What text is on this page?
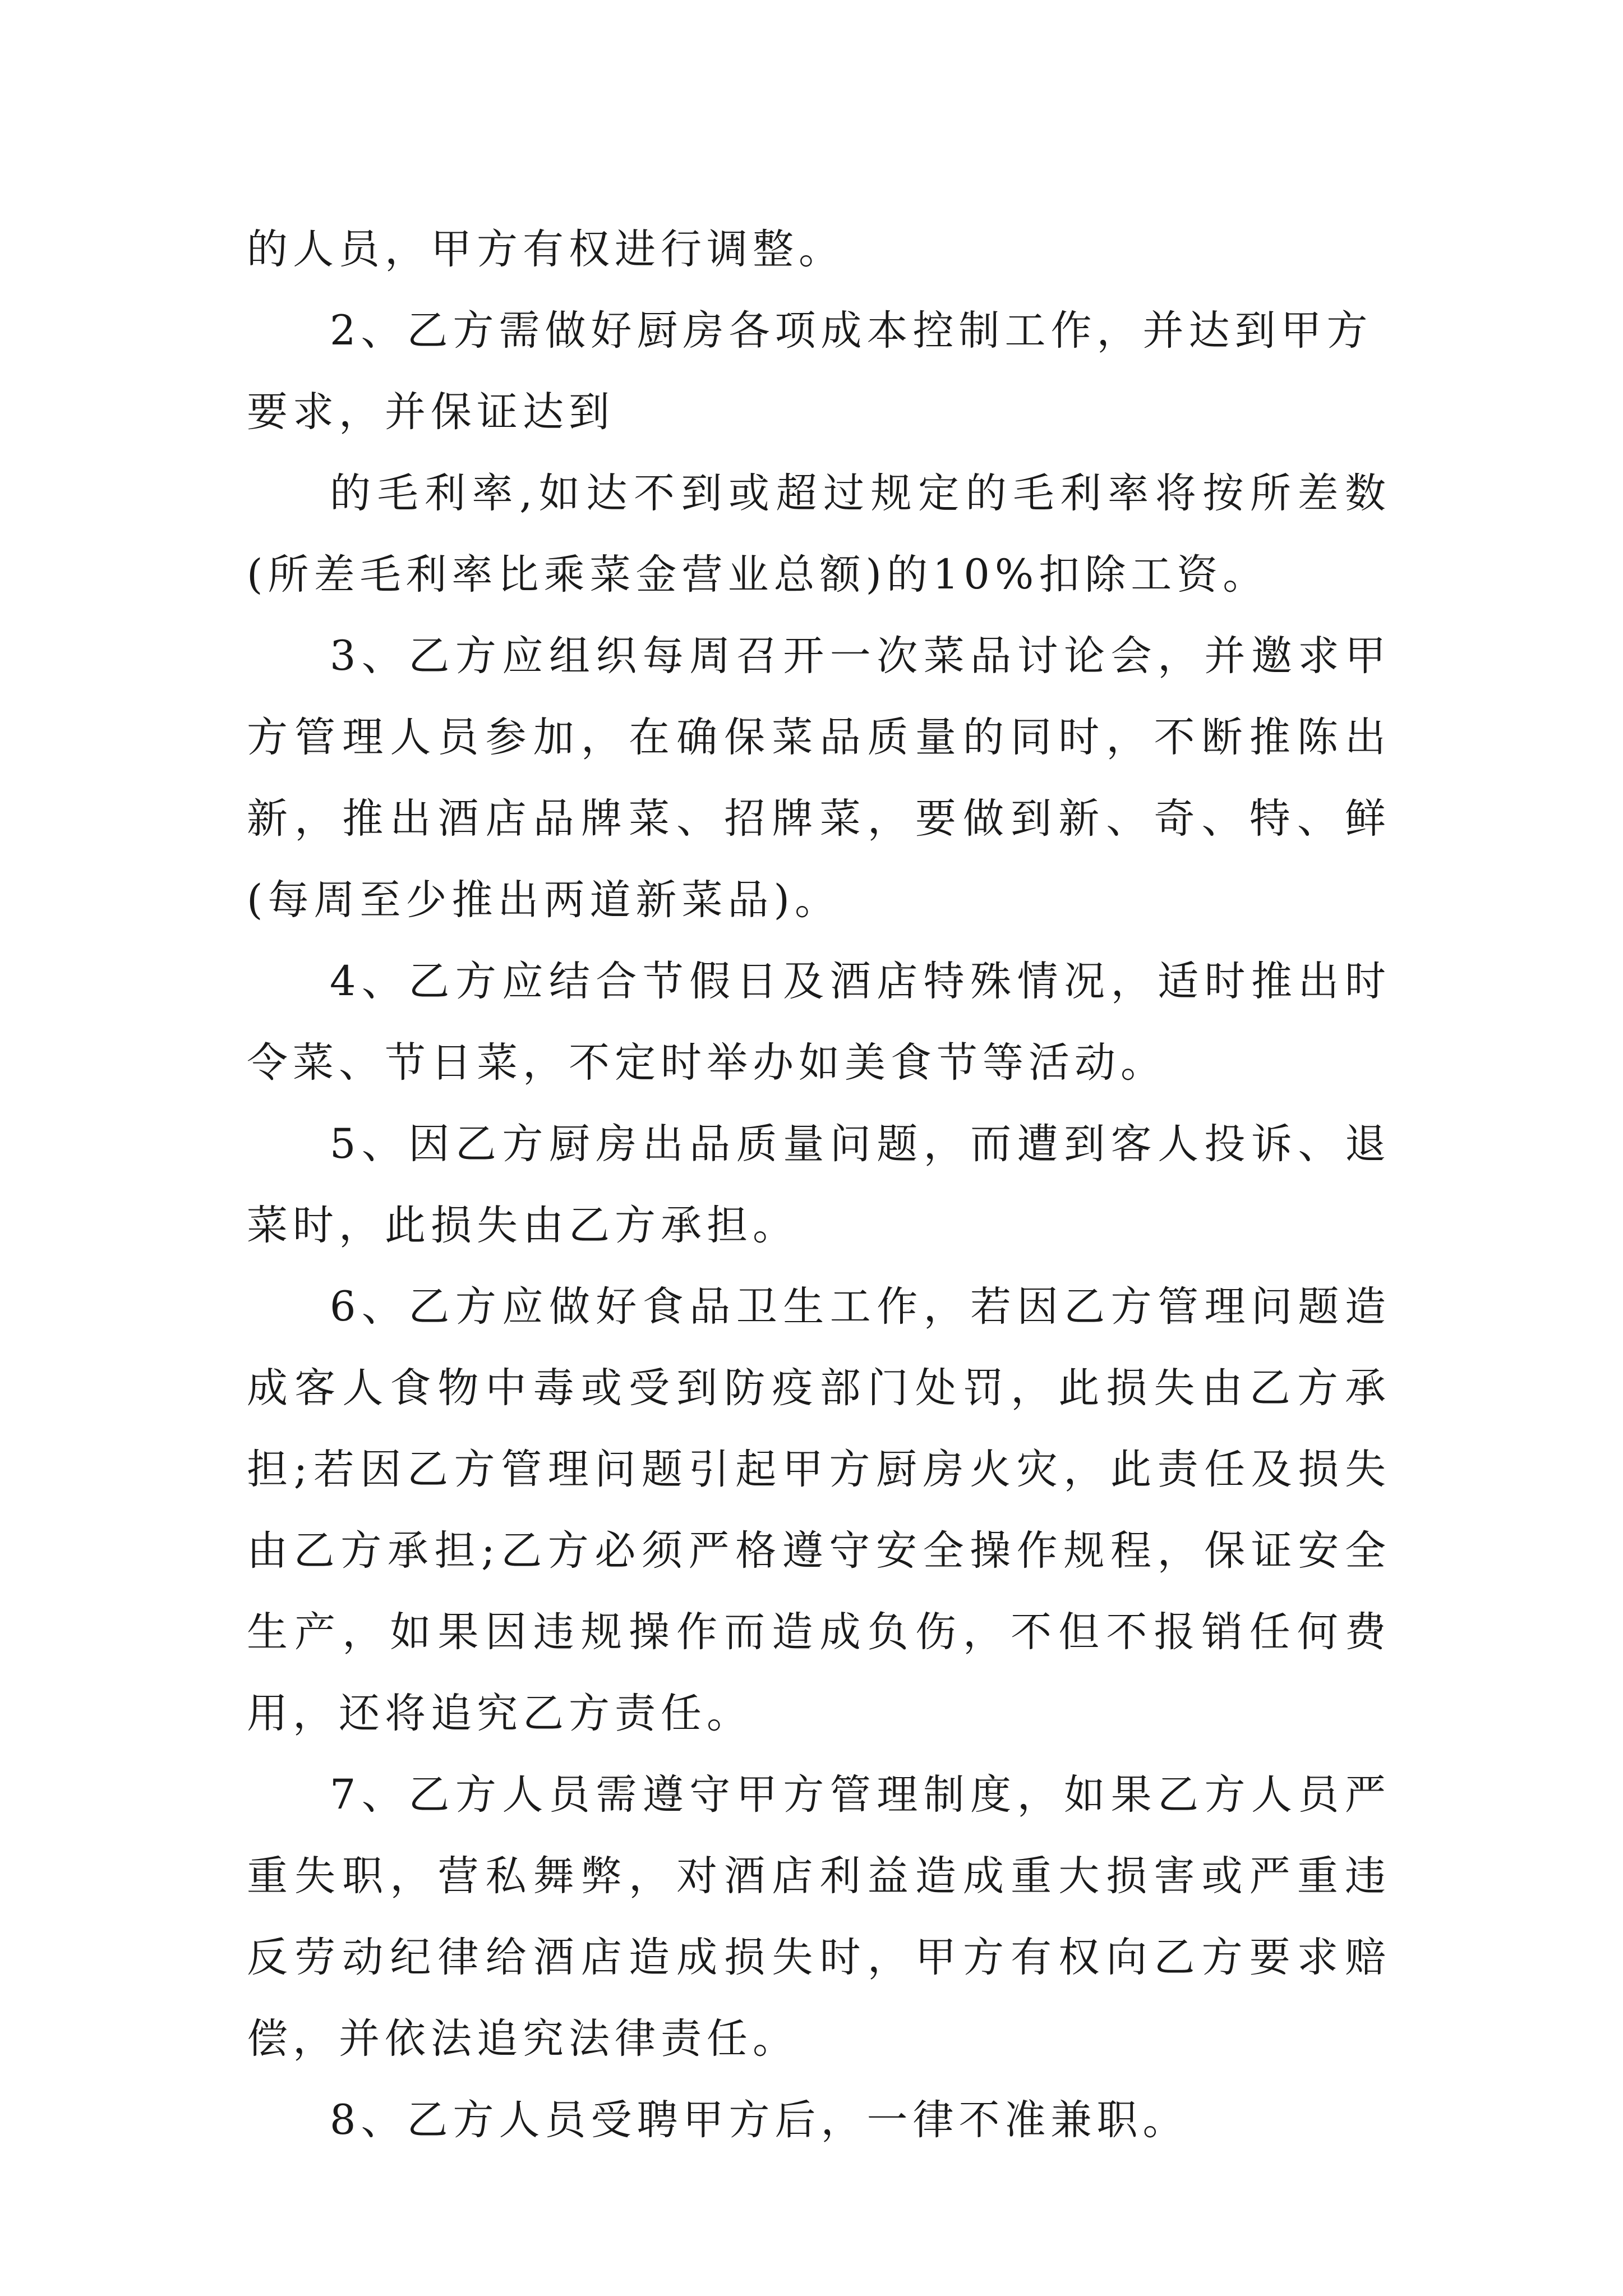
的人员，甲方有权进行调整。

2、乙方需做好厨房各项成本控制工作，并达到甲方要求，并保证达到

的毛利率,如达不到或超过规定的毛利率将按所差数(所差毛利率比乘菜金营业总额)的10%扣除工资。

3、乙方应组织每周召开一次菜品讨论会，并邀求甲方管理人员参加，在确保菜品质量的同时，不断推陈出新，推出酒店品牌菜、招牌菜，要做到新、奇、特、鲜(每周至少推出两道新菜品)。

4、乙方应结合节假日及酒店特殊情况，适时推出时令菜、节日菜，不定时举办如美食节等活动。

5、因乙方厨房出品质量问题，而遭到客人投诉、退菜时，此损失由乙方承担。

6、乙方应做好食品卫生工作，若因乙方管理问题造成客人食物中毒或受到防疫部门处罚，此损失由乙方承担;若因乙方管理问题引起甲方厨房火灾，此责任及损失由乙方承担;乙方必须严格遵守安全操作规程，保证安全生产，如果因违规操作而造成负伤，不但不报销任何费用，还将追究乙方责任。

7、乙方人员需遵守甲方管理制度，如果乙方人员严重失职，营私舞弊，对酒店利益造成重大损害或严重违反劳动纪律给酒店造成损失时，甲方有权向乙方要求赔偿，并依法追究法律责任。

8、乙方人员受聘甲方后，一律不准兼职。
